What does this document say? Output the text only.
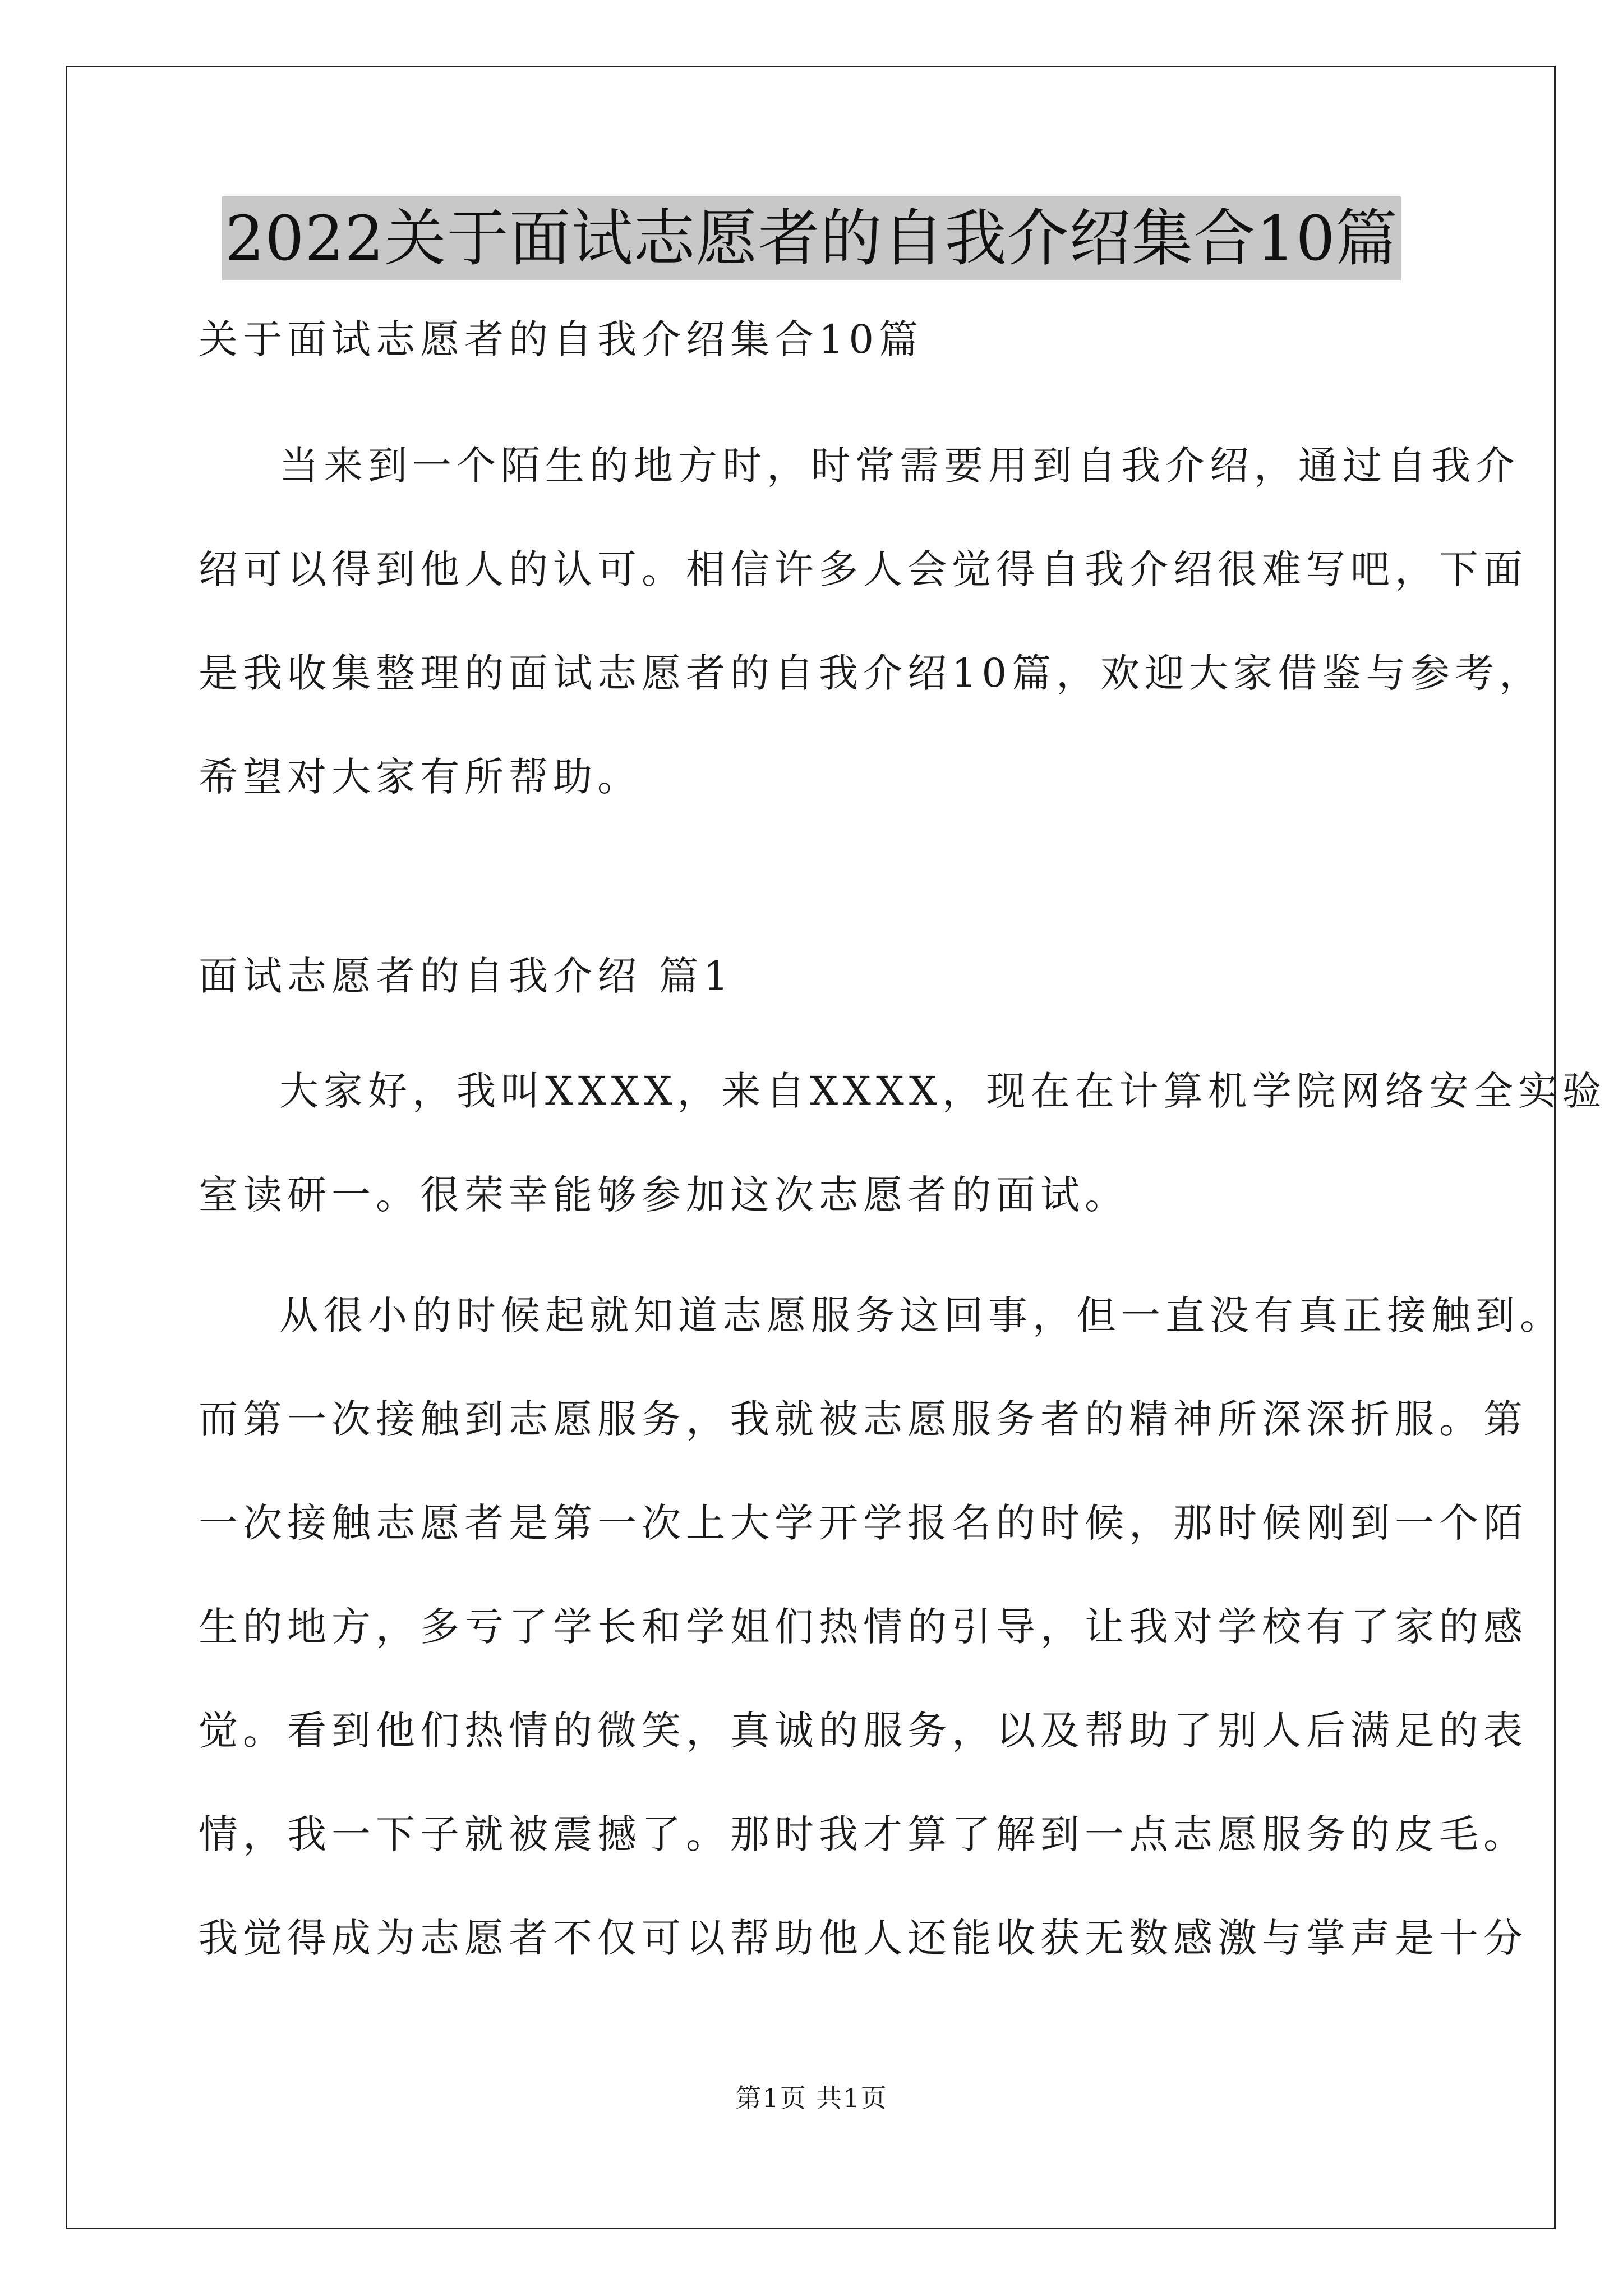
2022关于面试志愿者的自我介绍集合10篇
关于面试志愿者的自我介绍集合10篇
当来到一个陌生的地方时，时常需要用到自我介绍，通过自我介
绍可以得到他人的认可。相信许多人会觉得自我介绍很难写吧，下面
是我收集整理的面试志愿者的自我介绍10篇，欢迎大家借鉴与参考，
希望对大家有所帮助。
面试志愿者的自我介绍 篇1
大家好，我叫XXXX，来自XXXX，现在在计算机学院网络安全实验
室读研一。很荣幸能够参加这次志愿者的面试。
从很小的时候起就知道志愿服务这回事，但一直没有真正接触到。
而第一次接触到志愿服务，我就被志愿服务者的精神所深深折服。第
一次接触志愿者是第一次上大学开学报名的时候，那时候刚到一个陌
生的地方，多亏了学长和学姐们热情的引导，让我对学校有了家的感
觉。看到他们热情的微笑，真诚的服务，以及帮助了别人后满足的表
情，我一下子就被震撼了。那时我才算了解到一点志愿服务的皮毛。
我觉得成为志愿者不仅可以帮助他人还能收获无数感激与掌声是十分
第1页 共1页
